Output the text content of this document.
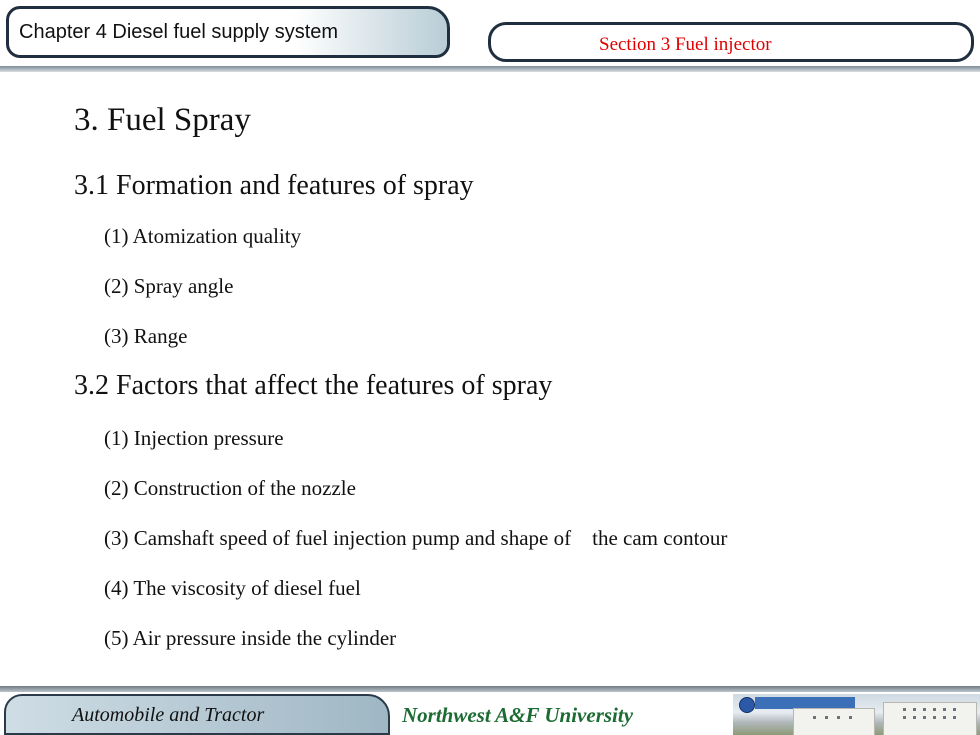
Chapter 4 Diesel fuel supply system
Section 3 Fuel injector
3. Fuel Spray
3.1 Formation and features of spray
(1) Atomization quality
(2) Spray angle
(3) Range
3.2 Factors that affect the features of spray
(1) Injection pressure
(2) Construction of the nozzle
(3) Camshaft speed of fuel injection pump and shape of    the cam contour
(4) The viscosity of diesel fuel
(5) Air pressure inside the cylinder
Automobile and Tractor	Northwest A&F University
